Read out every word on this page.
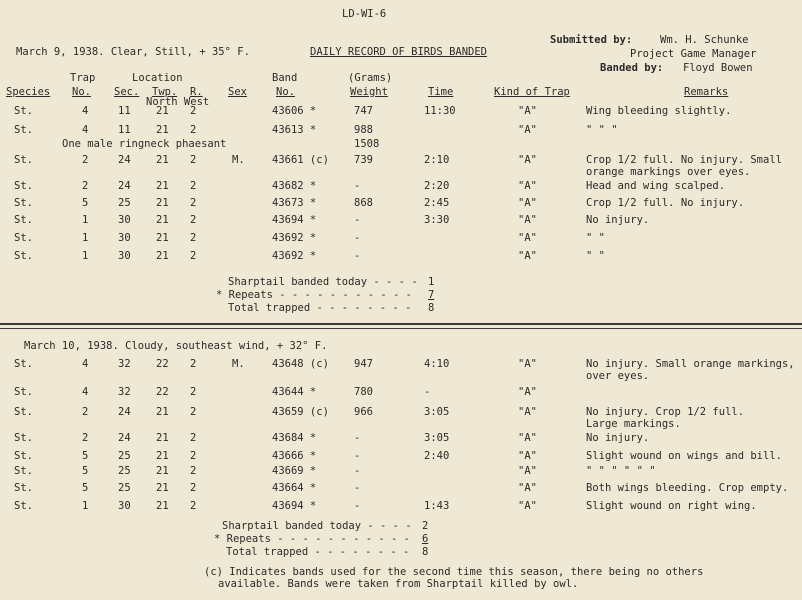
LD-WI-6
DAILY RECORD OF BIRDS BANDED
March 9, 1938. Clear, Still, + 35° F.
Submitted by:	Wm. H. Schunke
Project Game Manager
Banded by: Floyd Bowen
Trap	Location	Band	(Grams)
Species No. Sec. Twp. R.
North West
Sex	No.	Weight	Time	Kind of Trap	Remarks
St.	4	11 21 2	43606 *	747	11:30	"A"	Wing bleeding slightly.
St.	4	11 21 2	43613 *	988	"A"	" " "
1508
One male ringneck phaesant
St.	2	24 21 2	M.	43661 (c) 739	2:10	"A"	Crop 1/2 full. No injury. Small
orange markings over eyes.
St.	2	24 21 2	43682 *	-	2:20	"A"	Head and wing scalped.
St.	5	25 21 2	43673 *	868	2:45	"A"	Crop 1/2 full. No injury.
St.	1	30 21 2	43694 *	-	3:30	"A"	No injury.
St.	1	30 21 2	43692 *	-	"A"	" "
St.	1	30 21 2	43692 *	-	"A"	" "
Sharptail banded today - - - - 1
* Repeats - - - - - - - - - - - 7
Total trapped - - - - - - - - 8
March 10, 1938. Cloudy, southeast wind, + 32° F.
St.	4	32 22 2	M.	43648 (c) 947	4:10	"A"	No injury. Small orange markings,
over eyes.
St.	4	32 22 2	43644 *	780	-	"A"
St.	2	24 21 2	43659 (c) 966	3:05	"A"	No injury. Crop 1/2 full.
Large markings.
St.	2	24 21 2	43684 *	-	3:05	"A"	No injury.
St.	5	25 21 2	43666 *	-	2:40	"A"	Slight wound on wings and bill.
St.	5	25 21 2	43669 *	-	"A"	" " " " " "
St.	5	25 21 2	43664 *	-	"A"	Both wings bleeding. Crop empty.
St.	1	30 21 2	43694 *	-	1:43	"A"	Slight wound on right wing.
Sharptail banded today - - - - 2
* Repeats - - - - - - - - - - - 6
Total trapped - - - - - - - - 8
(c) Indicates bands used for the second time this season, there being no others
available. Bands were taken from Sharptail killed by owl.
